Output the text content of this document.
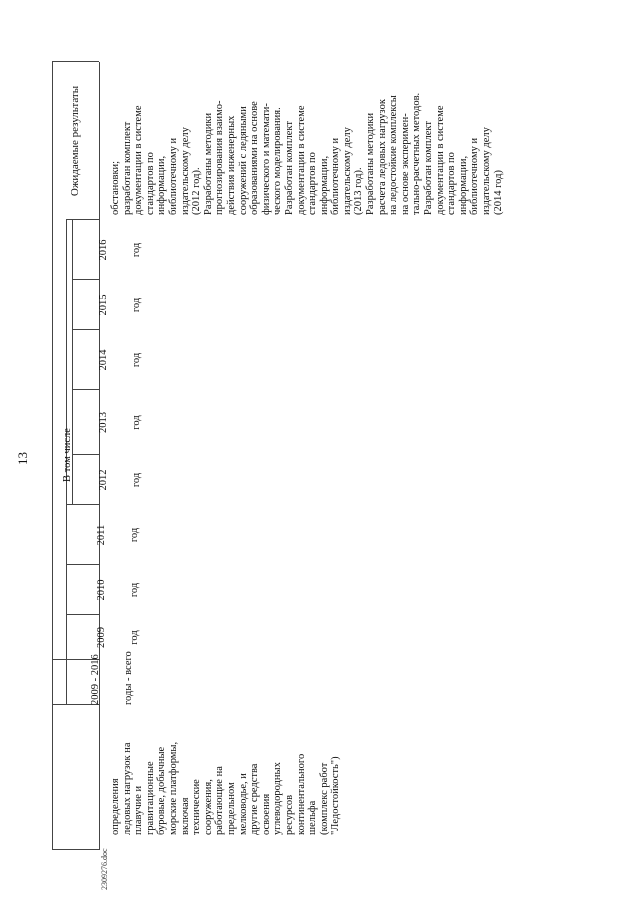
2309276.doc
13

2009 - 2016

годы - всего

2009

год

2010

год

2011

год

В том числе

2012

год

2013

год

2014

год

2015

год

2016

год

Ожидаемые результаты
определения ледовых нагрузок на плавучие и гравитационные буровые, добычные морские платформы, включая технические сооружения, работающие на предельном мелководье, и другие средства освоения углеводородных ресурсов континентального шельфа (комплекс работ "Ледостойкость")
обстановки; разработан комплект документации в системе стандартов по информации, библиотечному и издательскому делу (2012 год). Разработаны методики прогнозирования взаимо- действия инженерных сооружений с ледяными образованиями на основе физического и математи- ческого моделирования. Разработан комплект документации в системе стандартов по информации, библиотечному и издательскому делу (2013 год). Разработаны методики расчета ледовых нагрузок на ледостойкие комплексы на основе эксперимен- тально-расчетных методов. Разработан комплект документации в системе стандартов по информации, библиотечному и издательскому делу (2014 год)
